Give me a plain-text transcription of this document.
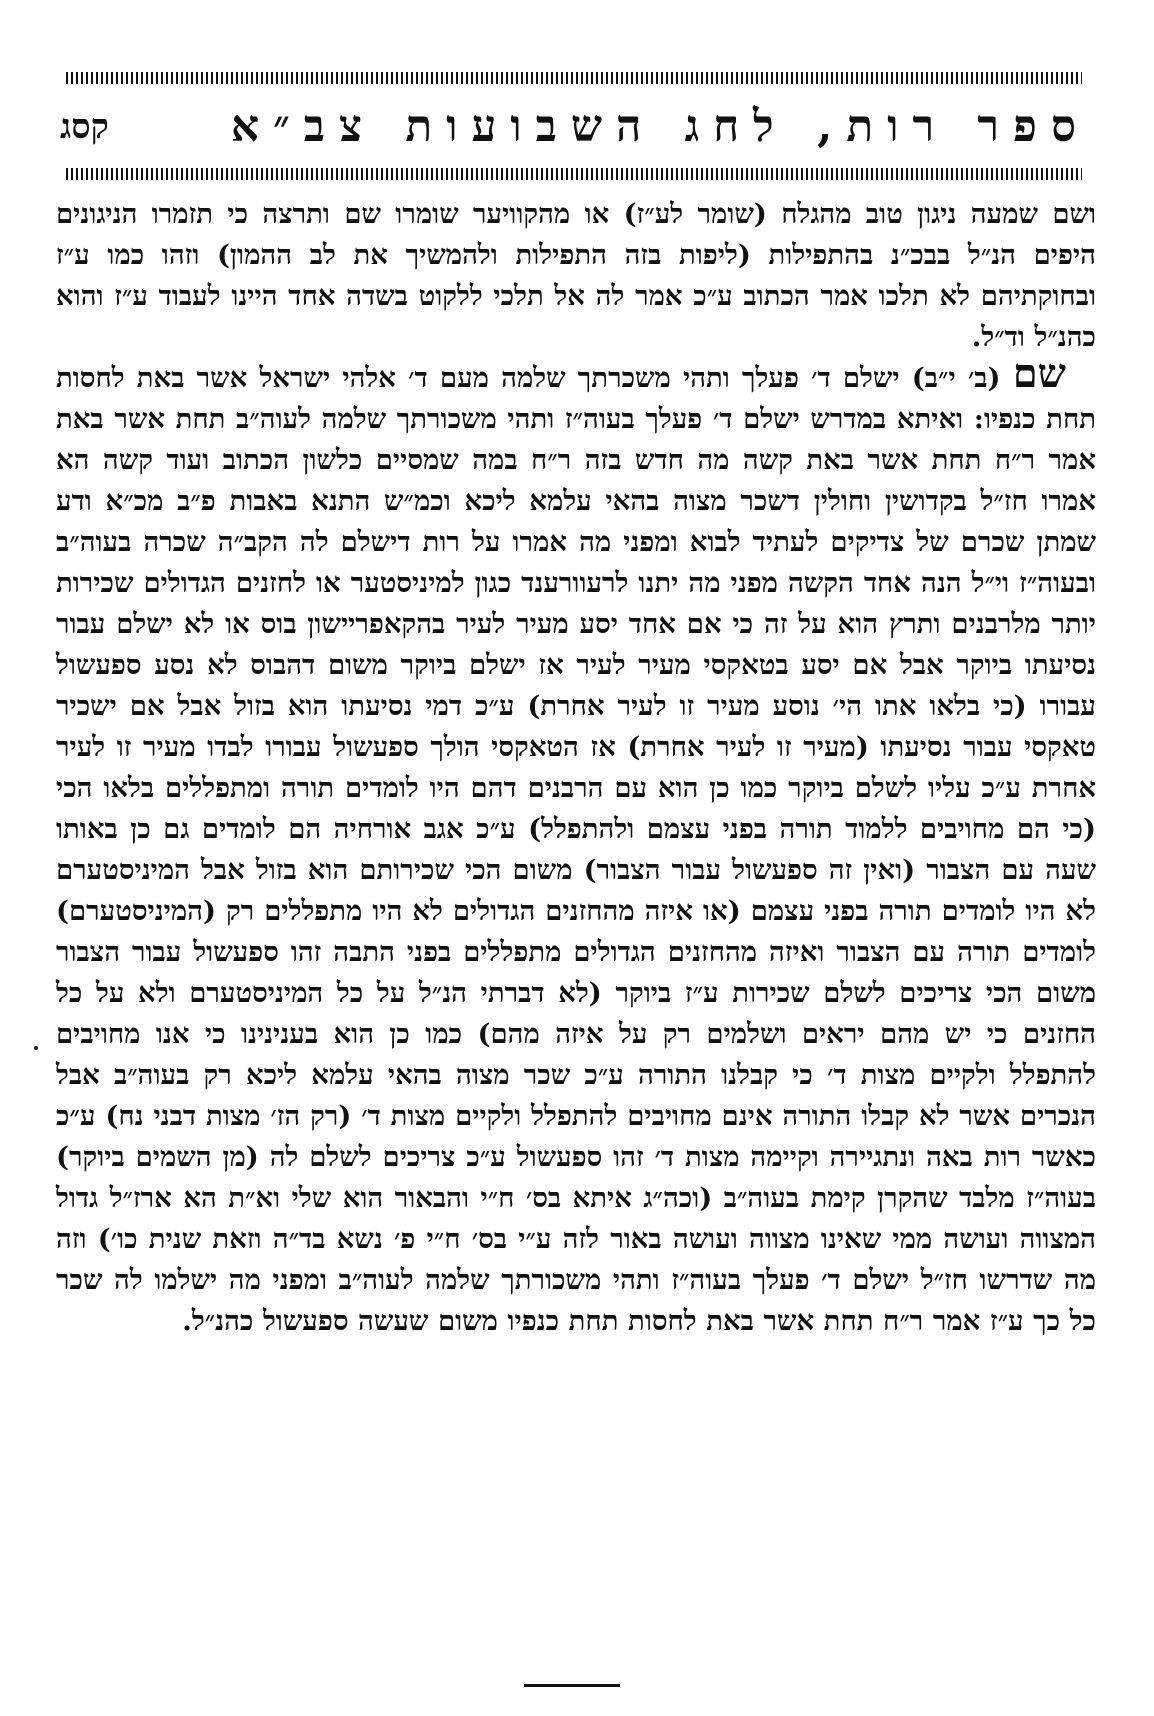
ספר רות, לחג השבועות צב״א
קסג

ושם שמעה ניגון טוב מהגלח (שומר לע״ז) או מהקוויער שומרו שם ותרצה כי תזמרו הניגונים היפים הנ״ל בבכ״נ בהתפילות (ליפות בזה התפילות ולהמשיך את לב ההמון) וזהו כמו ע״ז ובחוקתיהם לא תלכו אמר הכתוב ע״כ אמר לה אל תלכי ללקוט בשדה אחד היינו לעבוד ע״ז והוא כהנ״ל וד״ל.

שם (ב׳ י״ב) ישלם ד׳ פעלך ותהי משכרתך שלמה מעם ד׳ אלהי ישראל אשר באת לחסות תחת כנפיו: ואיתא במדרש ישלם ד׳ פעלך בעוה״ז ותהי משכורתך שלמה לעוה״ב תחת אשר באת אמר ר״ח תחת אשר באת קשה מה חדש בזה ר״ח במה שמסיים כלשון הכתוב ועוד קשה הא אמרו חז״ל בקדושין וחולין דשכר מצוה בהאי עלמא ליכא וכמ״ש התנא באבות פ״ב מכ״א ודע שמתן שכרם של צדיקים לעתיד לבוא ומפני מה אמרו על רות דישלם לה הקב״ה שכרה בעוה״ב ובעוה״ז וי״ל הנה אחד הקשה מפני מה יתנו לרעוורענד כגון למיניסטער או לחזנים הגדולים שכירות יותר מלרבנים ותרץ הוא על זה כי אם אחד יסע מעיר לעיר בהקאפריישון בוס או לא ישלם עבור נסיעתו ביוקר אבל אם יסע בטאקסי מעיר לעיר אז ישלם ביוקר משום דהבוס לא נסע ספעשול עבורו (כי בלאו אתו הי׳ נוסע מעיר זו לעיר אחרת) ע״כ דמי נסיעתו הוא בזול אבל אם ישכיר טאקסי עבור נסיעתו (מעיר זו לעיר אחרת) אז הטאקסי הולך ספעשול עבורו לבדו מעיר זו לעיר אחרת ע״כ עליו לשלם ביוקר כמו כן הוא עם הרבנים דהם היו לומדים תורה ומתפללים בלאו הכי (כי הם מחויבים ללמוד תורה בפני עצמם ולהתפלל) ע״כ אגב אורחיה הם לומדים גם כן באותו שעה עם הצבור (ואין זה ספעשול עבור הצבור) משום הכי שכירותם הוא בזול אבל המיניסטערם לא היו לומדים תורה בפני עצמם (או איזה מהחזנים הגדולים לא היו מתפללים רק (המיניסטערם) לומדים תורה עם הצבור ואיזה מהחזנים הגדולים מתפללים בפני התבה זהו ספעשול עבור הצבור משום הכי צריכים לשלם שכירות ע״ז ביוקר (לא דברתי הנ״ל על כל המיניסטערם ולא על כל החזנים כי יש מהם יראים ושלמים רק על איזה מהם) כמו כן הוא בענינינו כי אנו מחויבים להתפלל ולקיים מצות ד׳ כי קבלנו התורה ע״כ שכר מצוה בהאי עלמא ליכא רק בעוה״ב אבל הנכרים אשר לא קבלו התורה אינם מחויבים להתפלל ולקיים מצות ד׳ (רק הז׳ מצות דבני נח) ע״כ כאשר רות באה ונתגיירה וקיימה מצות ד׳ זהו ספעשול ע״כ צריכים לשלם לה (מן השמים ביוקר) בעוה״ז מלבד שהקרן קימת בעוה״ב (וכה״ג איתא בס׳ ח״י והבאור הוא שלי וא״ת הא ארז״ל גדול המצווה ועושה ממי שאינו מצווה ועושה באור לזה ע״י בס׳ ח״י פ׳ נשא בד״ה וזאת שנית כו׳) וזה מה שדרשו חז״ל ישלם ד׳ פעלך בעוה״ז ותהי משכורתך שלמה לעוה״ב ומפני מה ישלמו לה שכר כל כך ע״ז אמר ר״ח תחת אשר באת לחסות תחת כנפיו משום שעשה ספעשול כהנ״ל.
